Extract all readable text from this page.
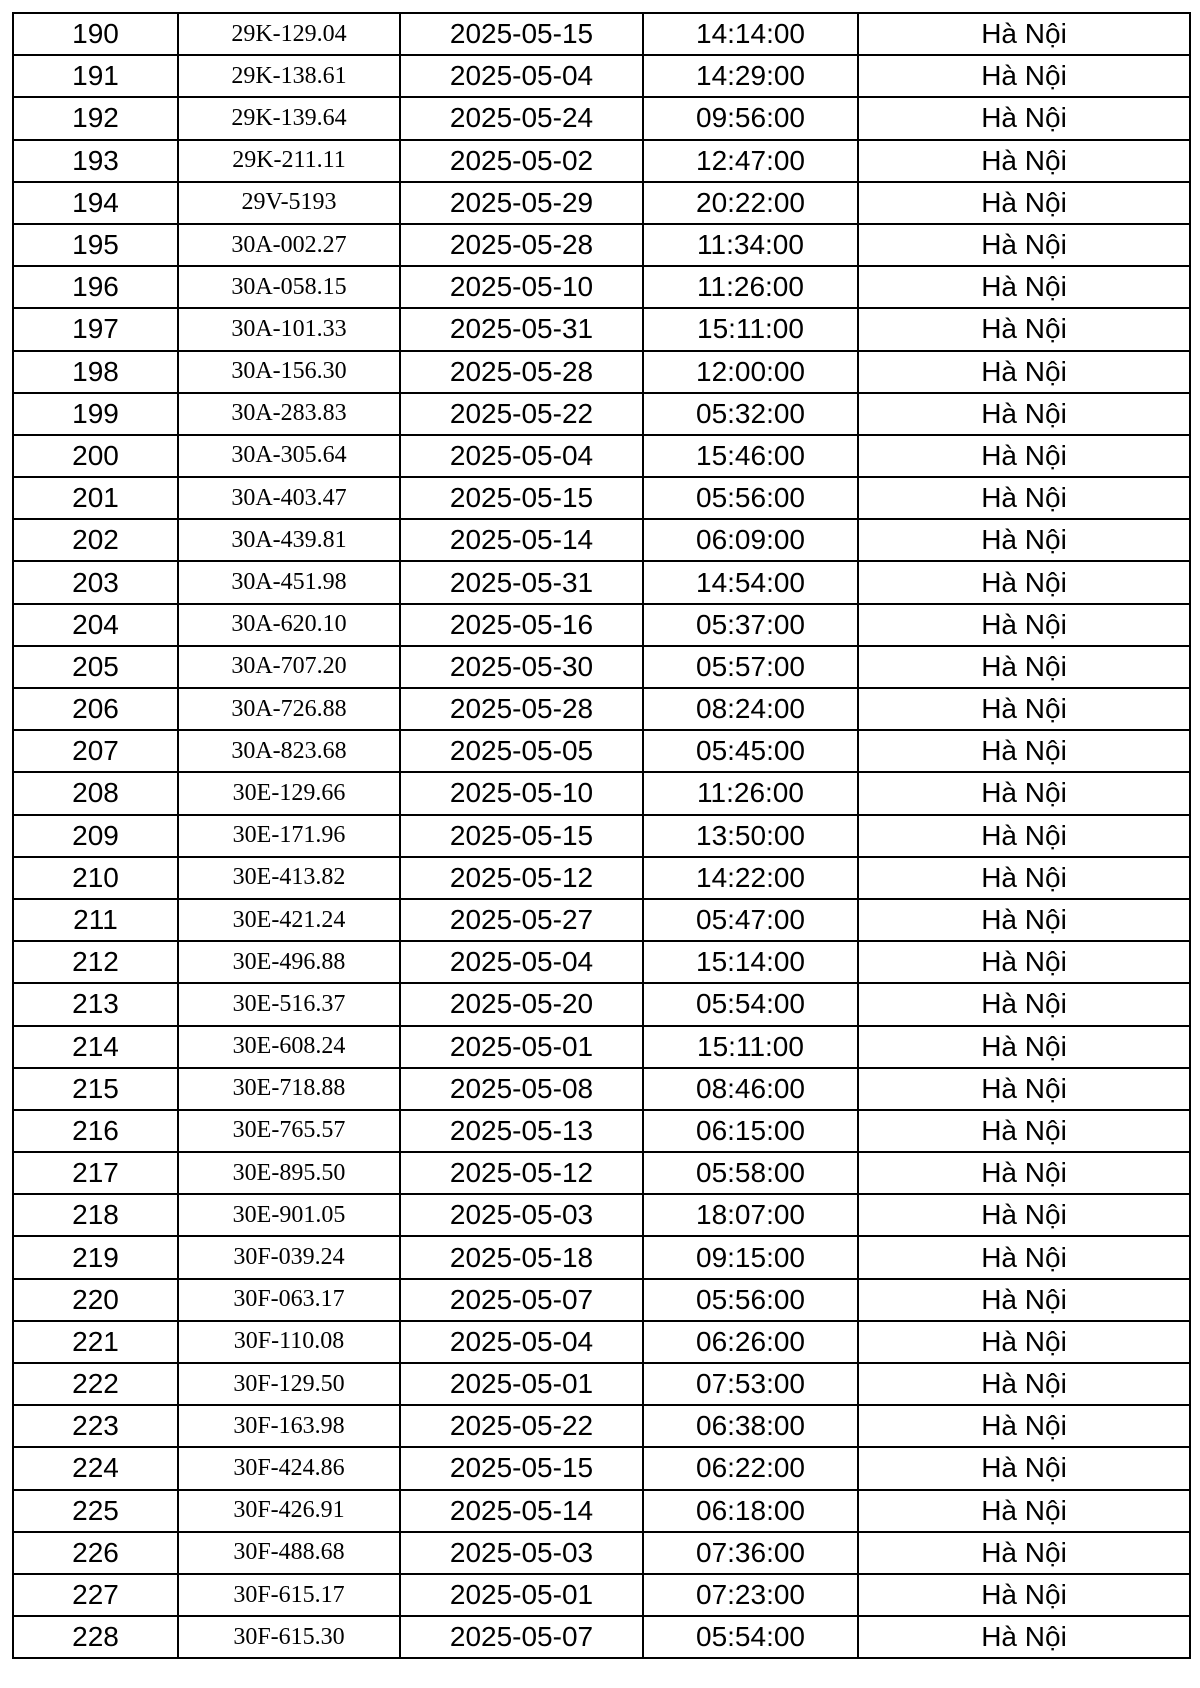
190	29K-129.04	2025-05-15	14:14:00	Hà Nội
191	29K-138.61	2025-05-04	14:29:00	Hà Nội
192	29K-139.64	2025-05-24	09:56:00	Hà Nội
193	29K-211.11	2025-05-02	12:47:00	Hà Nội
194	29V-5193	2025-05-29	20:22:00	Hà Nội
195	30A-002.27	2025-05-28	11:34:00	Hà Nội
196	30A-058.15	2025-05-10	11:26:00	Hà Nội
197	30A-101.33	2025-05-31	15:11:00	Hà Nội
198	30A-156.30	2025-05-28	12:00:00	Hà Nội
199	30A-283.83	2025-05-22	05:32:00	Hà Nội
200	30A-305.64	2025-05-04	15:46:00	Hà Nội
201	30A-403.47	2025-05-15	05:56:00	Hà Nội
202	30A-439.81	2025-05-14	06:09:00	Hà Nội
203	30A-451.98	2025-05-31	14:54:00	Hà Nội
204	30A-620.10	2025-05-16	05:37:00	Hà Nội
205	30A-707.20	2025-05-30	05:57:00	Hà Nội
206	30A-726.88	2025-05-28	08:24:00	Hà Nội
207	30A-823.68	2025-05-05	05:45:00	Hà Nội
208	30E-129.66	2025-05-10	11:26:00	Hà Nội
209	30E-171.96	2025-05-15	13:50:00	Hà Nội
210	30E-413.82	2025-05-12	14:22:00	Hà Nội
211	30E-421.24	2025-05-27	05:47:00	Hà Nội
212	30E-496.88	2025-05-04	15:14:00	Hà Nội
213	30E-516.37	2025-05-20	05:54:00	Hà Nội
214	30E-608.24	2025-05-01	15:11:00	Hà Nội
215	30E-718.88	2025-05-08	08:46:00	Hà Nội
216	30E-765.57	2025-05-13	06:15:00	Hà Nội
217	30E-895.50	2025-05-12	05:58:00	Hà Nội
218	30E-901.05	2025-05-03	18:07:00	Hà Nội
219	30F-039.24	2025-05-18	09:15:00	Hà Nội
220	30F-063.17	2025-05-07	05:56:00	Hà Nội
221	30F-110.08	2025-05-04	06:26:00	Hà Nội
222	30F-129.50	2025-05-01	07:53:00	Hà Nội
223	30F-163.98	2025-05-22	06:38:00	Hà Nội
224	30F-424.86	2025-05-15	06:22:00	Hà Nội
225	30F-426.91	2025-05-14	06:18:00	Hà Nội
226	30F-488.68	2025-05-03	07:36:00	Hà Nội
227	30F-615.17	2025-05-01	07:23:00	Hà Nội
228	30F-615.30	2025-05-07	05:54:00	Hà Nội
